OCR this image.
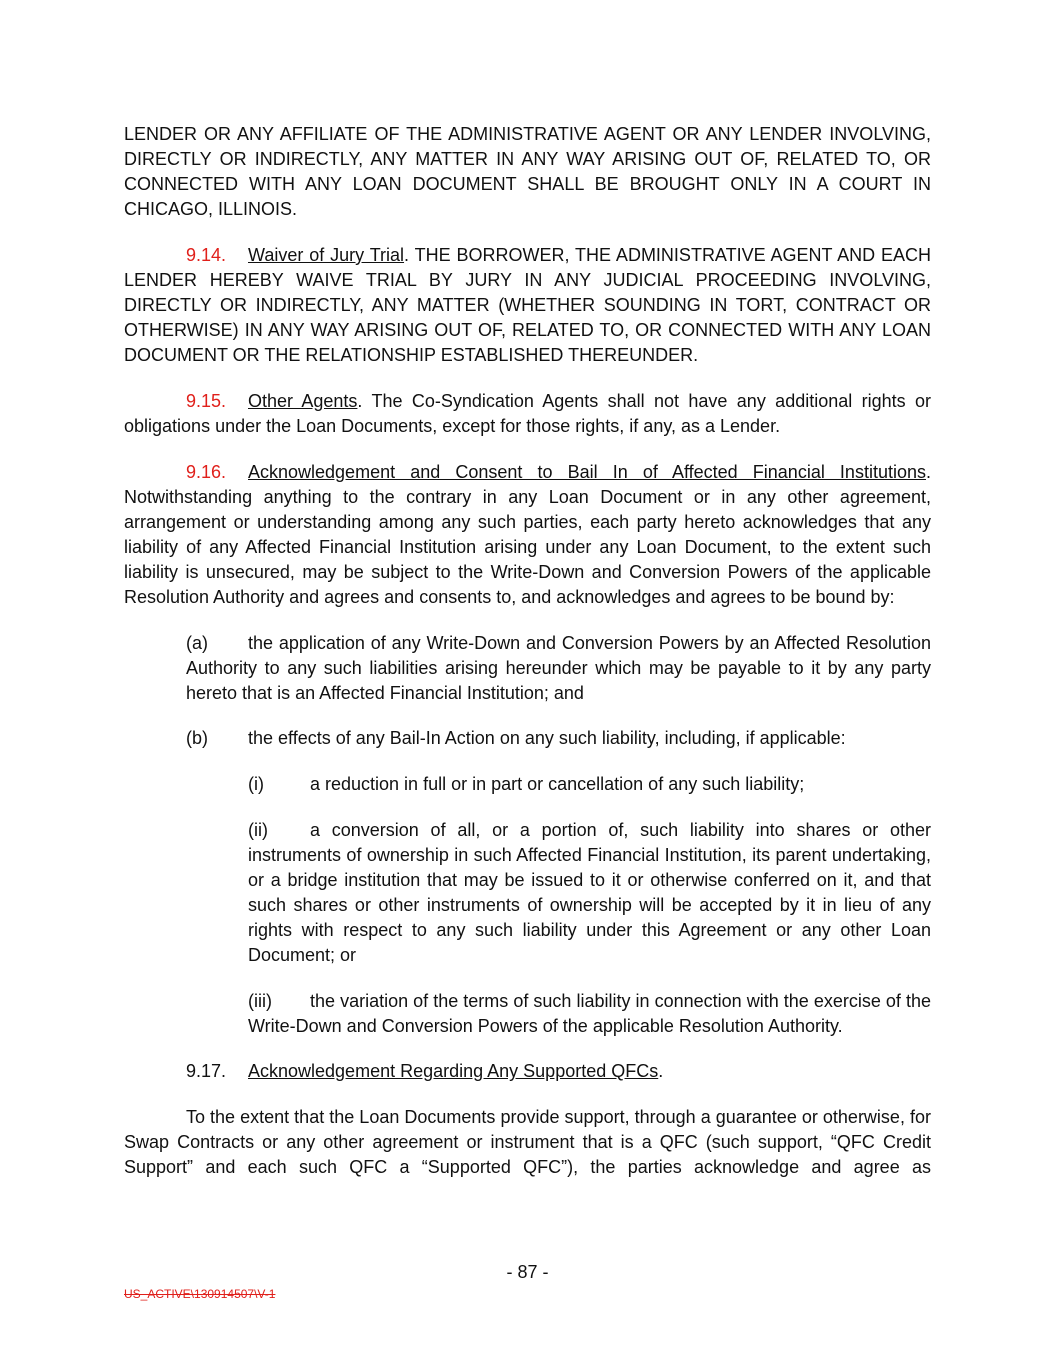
LENDER OR ANY AFFILIATE OF THE ADMINISTRATIVE AGENT OR ANY LENDER INVOLVING, DIRECTLY OR INDIRECTLY, ANY MATTER IN ANY WAY ARISING OUT OF, RELATED TO, OR CONNECTED WITH ANY LOAN DOCUMENT SHALL BE BROUGHT ONLY IN A COURT IN CHICAGO, ILLINOIS.

9.14. Waiver of Jury Trial. THE BORROWER, THE ADMINISTRATIVE AGENT AND EACH LENDER HEREBY WAIVE TRIAL BY JURY IN ANY JUDICIAL PROCEEDING INVOLVING, DIRECTLY OR INDIRECTLY, ANY MATTER (WHETHER SOUNDING IN TORT, CONTRACT OR OTHERWISE) IN ANY WAY ARISING OUT OF, RELATED TO, OR CONNECTED WITH ANY LOAN DOCUMENT OR THE RELATIONSHIP ESTABLISHED THEREUNDER.

9.15. Other Agents. The Co-Syndication Agents shall not have any additional rights or obligations under the Loan Documents, except for those rights, if any, as a Lender.

9.16. Acknowledgement and Consent to Bail In of Affected Financial Institutions. Notwithstanding anything to the contrary in any Loan Document or in any other agreement, arrangement or understanding among any such parties, each party hereto acknowledges that any liability of any Affected Financial Institution arising under any Loan Document, to the extent such liability is unsecured, may be subject to the Write-Down and Conversion Powers of the applicable Resolution Authority and agrees and consents to, and acknowledges and agrees to be bound by:

(a) the application of any Write-Down and Conversion Powers by an Affected Resolution Authority to any such liabilities arising hereunder which may be payable to it by any party hereto that is an Affected Financial Institution; and

(b) the effects of any Bail-In Action on any such liability, including, if applicable:

(i)	a reduction in full or in part or cancellation of any such liability;

(ii) a conversion of all, or a portion of, such liability into shares or other instruments of ownership in such Affected Financial Institution, its parent undertaking, or a bridge institution that may be issued to it or otherwise conferred on it, and that such shares or other instruments of ownership will be accepted by it in lieu of any rights with respect to any such liability under this Agreement or any other Loan Document; or

(iii) the variation of the terms of such liability in connection with the exercise of the Write-Down and Conversion Powers of the applicable Resolution Authority.

9.17. Acknowledgement Regarding Any Supported QFCs.

To the extent that the Loan Documents provide support, through a guarantee or otherwise, for Swap Contracts or any other agreement or instrument that is a QFC (such support, “QFC Credit Support” and each such QFC a “Supported QFC”), the parties acknowledge and agree as

- 87 -
US_ACTIVE\130914507\V-1
